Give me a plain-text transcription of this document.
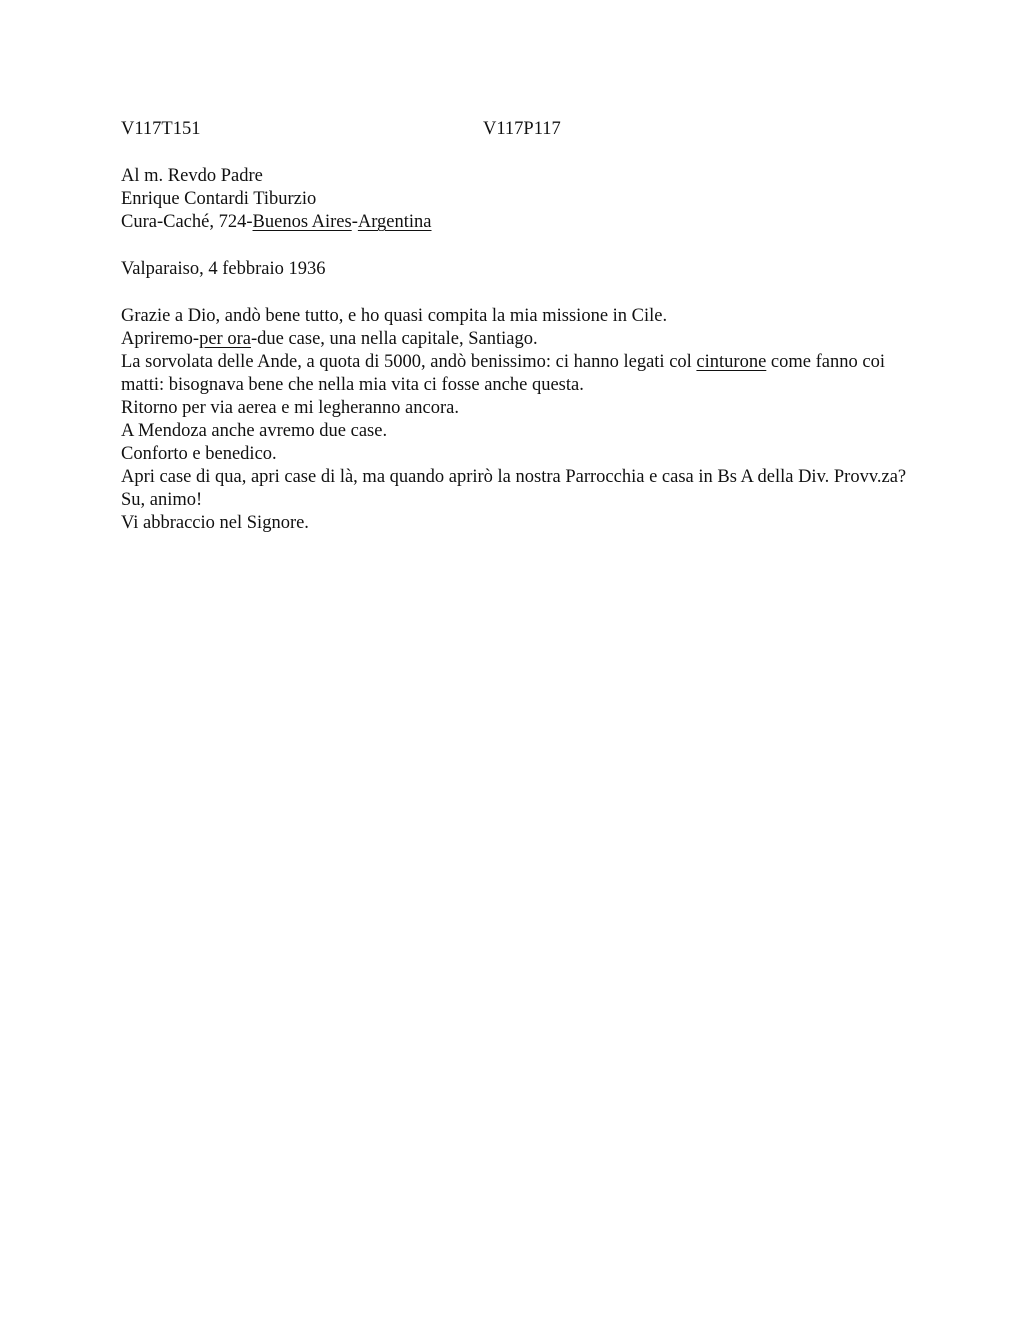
V117T151	V117P117
Al m. Revdo Padre
Enrique Contardi Tiburzio
Cura-Caché, 724-Buenos Aires-Argentina
Valparaiso, 4 febbraio 1936
Grazie a Dio, andò bene tutto, e ho quasi compita la mia missione in Cile.
Apriremo-per ora-due case, una nella capitale, Santiago.
La sorvolata delle Ande, a quota di 5000, andò benissimo: ci hanno legati col cinturone come fanno coi matti: bisognava bene che nella mia vita ci fosse anche questa.
Ritorno per via aerea e mi legheranno ancora.
A Mendoza anche avremo due case.
Conforto e benedico.
Apri case di qua, apri case di là, ma quando aprirò la nostra Parrocchia e casa in Bs A della Div. Provv.za? Su, animo!
Vi abbraccio nel Signore.
